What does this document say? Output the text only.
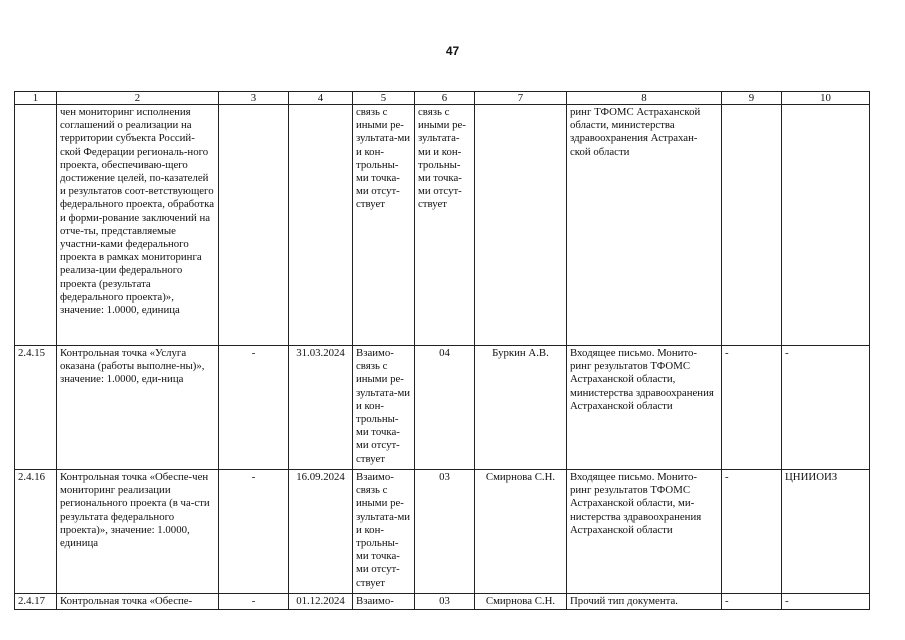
47
1	2	3	4	5	6	7	8	9	10
	чен мониторинг исполнения соглашений о реализации на территории субъекта Россий-ской Федерации региональ-ного проекта, обеспечиваю-щего достижение целей, по-казателей и результатов соот-ветствующего федерального проекта, обработка и форми-рование заключений на отче-ты, представляемые участни-ками федерального проекта в рамках мониторинга реализа-ции федерального проекта (результата федерального проекта)», значение: 1.0000, единица			связь с иными ре-зультата-ми и кон-трольны-ми точка-ми отсут-ствует	связь с иными ре-зультата-ми и кон-трольны-ми точка-ми отсут-ствует		ринг ТФОМС Астраханской области, министерства здравоохранения Астрахан-ской области		
2.4.15	Контрольная точка «Услуга оказана (работы выполне-ны)», значение: 1.0000, еди-ница	-	31.03.2024	Взаимо-связь с иными ре-зультата-ми и кон-трольны-ми точка-ми отсут-ствует	04	Буркин А.В.	Входящее письмо. Монито-ринг результатов ТФОМС Астраханской области, министерства здравоохранения Астраханской области	-	-
2.4.16	Контрольная точка «Обеспе-чен мониторинг реализации регионального проекта (в ча-сти результата федерального проекта)», значение: 1.0000, единица	-	16.09.2024	Взаимо-связь с иными ре-зультата-ми и кон-трольны-ми точка-ми отсут-ствует	03	Смирнова С.Н.	Входящее письмо. Монито-ринг результатов ТФОМС Астраханской области, ми-нистерства здравоохранения Астраханской области	-	ЦНИИОИЗ

2.4.17	Контрольная точка «Обеспе-	-	01.12.2024	Взаимо-	03	Смирнова С.Н.	Прочий тип документа.	-	-
